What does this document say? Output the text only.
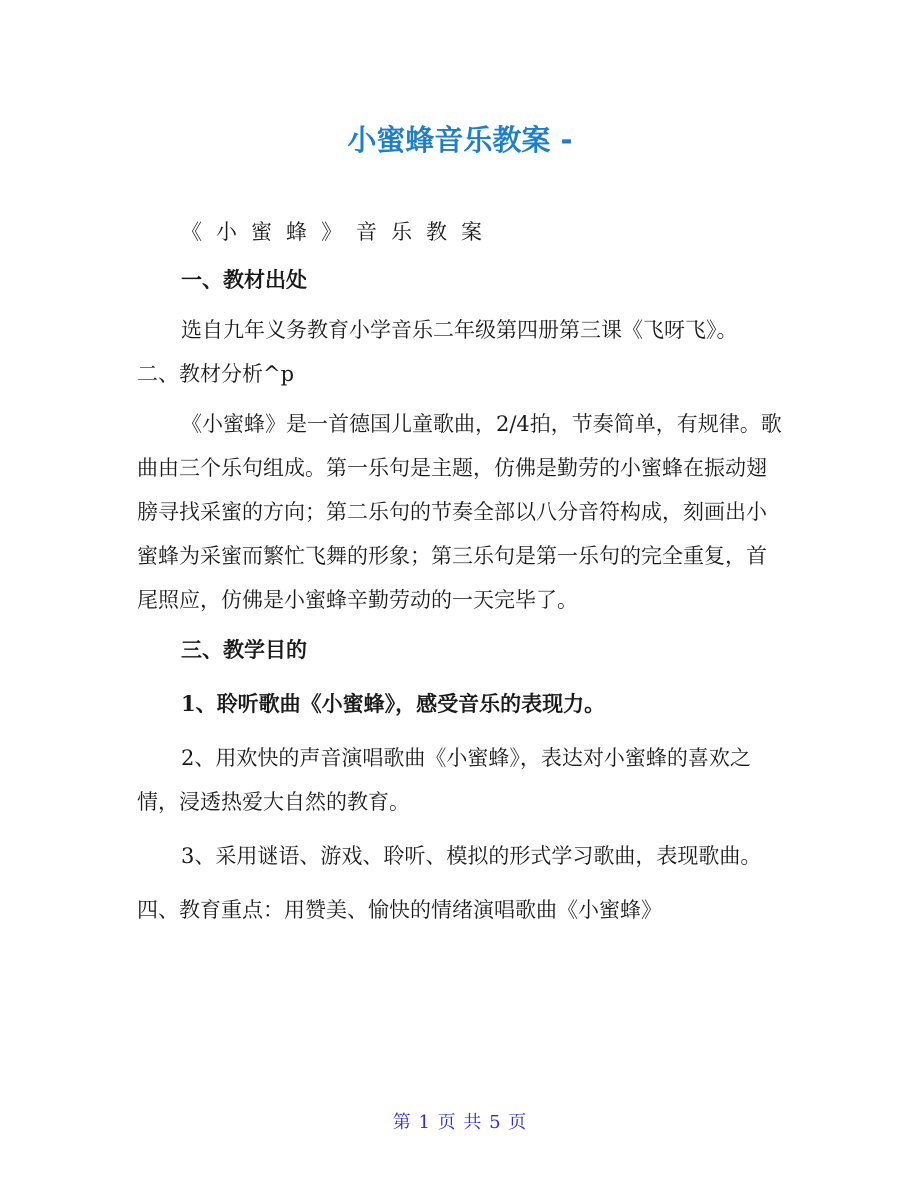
小蜜蜂音乐教案 -

《小蜜蜂》音乐教案

一、教材出处

选自九年义务教育小学音乐二年级第四册第三课《飞呀飞》。 二、教材分析^p

《小蜜蜂》是一首德国儿童歌曲，2/4拍，节奏简单，有规律。歌曲由三个乐句组成。第一乐句是主题，仿佛是勤劳的小蜜蜂在振动翅膀寻找采蜜的方向；第二乐句的节奏全部以八分音符构成，刻画出小蜜蜂为采蜜而繁忙飞舞的形象；第三乐句是第一乐句的完全重复，首尾照应，仿佛是小蜜蜂辛勤劳动的一天完毕了。

三、教学目的

1、聆听歌曲《小蜜蜂》，感受音乐的表现力。

2、用欢快的声音演唱歌曲《小蜜蜂》，表达对小蜜蜂的喜欢之情，浸透热爱大自然的教育。

3、采用谜语、游戏、聆听、模拟的形式学习歌曲，表现歌曲。

四、教育重点：用赞美、愉快的情绪演唱歌曲《小蜜蜂》

第 1 页 共 5 页
